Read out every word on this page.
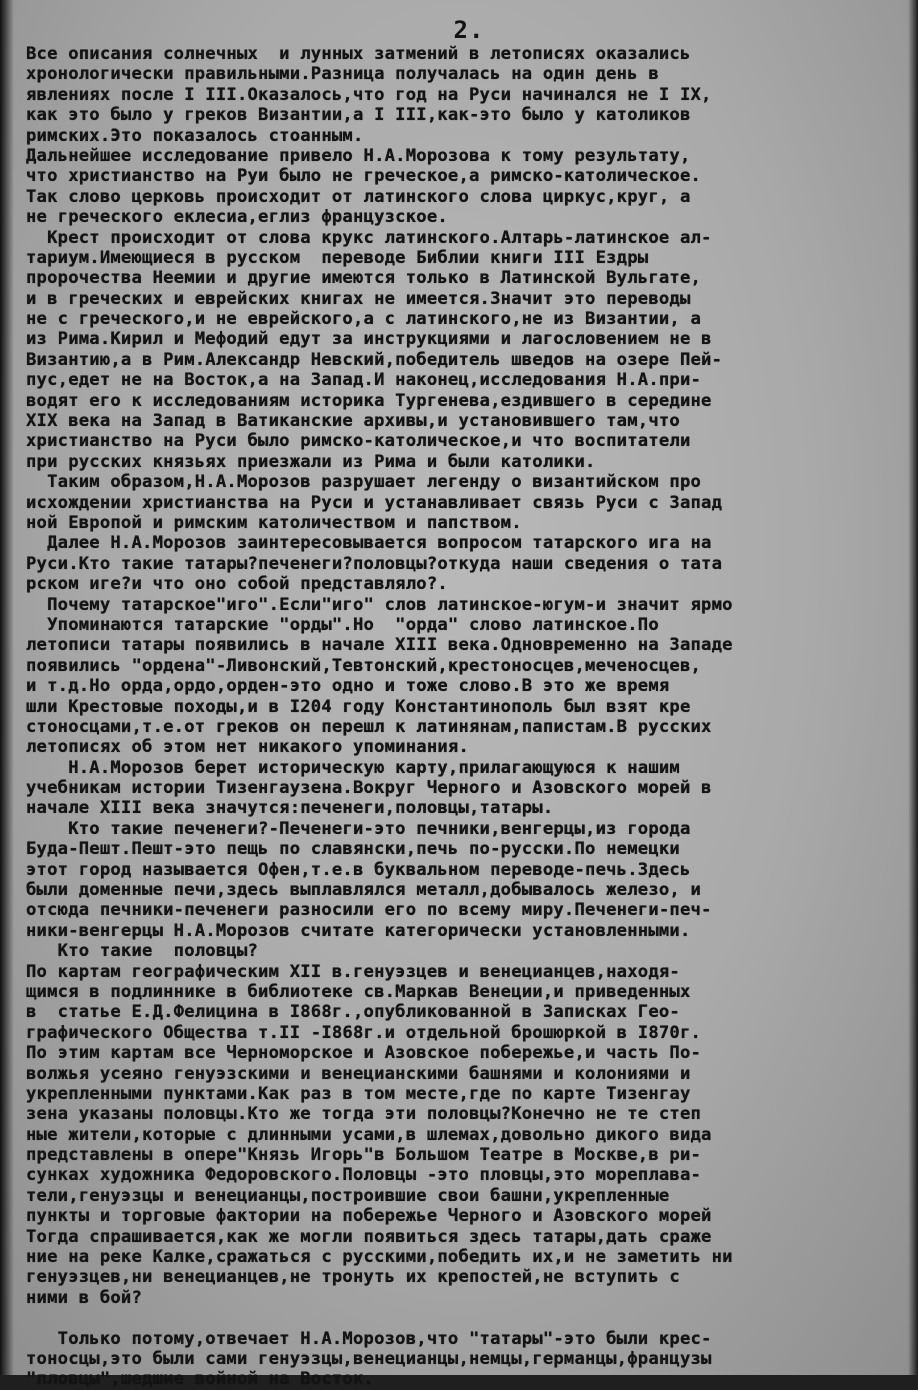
2.
Все описания солнечных  и лунных затмений в летописях оказались
хронологически правильными.Разница получалась на один день в
явлениях после I III.Оказалось,что год на Руси начинался не I IX,
как это было у греков Византии,а I III,как-это было у католиков
римских.Это показалось стоанным.
Дальнейшее исследование привело Н.А.Морозова к тому результату,
что христианство на Руи было не греческое,а римско-католическое.
Так слово церковь происходит от латинского слова циркус,круг, а
не греческого еклесиа,еглиз французское.
Крест происходит от слова крукс латинского.Алтарь-латинское ал-
тариум.Имеющиеся в русском  переводе Библии книги III Ездры
пророчества Неемии и другие имеются только в Латинской Вульгате,
и в греческих и еврейских книгах не имеется.Значит это переводы
не с греческого,и не еврейского,а с латинского,не из Византии, а
из Рима.Кирил и Мефодий едут за инструкциями и лагословением не в
Византию,а в Рим.Александр Невский,победитель шведов на озере Пей-
пус,едет не на Восток,а на Запад.И наконец,исследования Н.А.при-
водят его к исследованиям историка Тургенева,ездившего в середине
XIX века на Запад в Ватиканские архивы,и установившего там,что
христианство на Руси было римско-католическое,и что воспитатели
при русских князьях приезжали из Рима и были католики.
Таким образом,Н.А.Морозов разрушает легенду о византийском про
исхождении христианства на Руси и устанавливает связь Руси с Запад
ной Европой и римским католичеством и папством.
Далее Н.А.Морозов заинтересовывается вопросом татарского ига на
Руси.Кто такие татары?печенеги?половцы?откуда наши сведения о тата
рском иге?и что оно собой представляло?.
Почему татарское"иго".Если"иго" слов латинское-югум-и значит ярмо
Упоминаются татарские "орды".Но  "орда" слово латинское.По
летописи татары появились в начале XIII века.Одновременно на Западе
появились "ордена"-Ливонский,Тевтонский,крестоносцев,меченосцев,
и т.д.Но орда,ордо,орден-это одно и тоже слово.В это же время
шли Крестовые походы,и в I204 году Константинополь был взят кре
стоносцами,т.е.от греков он перешл к латинянам,папистам.В русских
летописях об этом нет никакого упоминания.
Н.А.Морозов берет историческую карту,прилагающуюся к нашим
учебникам истории Тизенгаузена.Вокруг Черного и Азовского морей в
начале XIII века значутся:печенеги,половцы,татары.
Кто такие печенеги?-Печенеги-это печники,венгерцы,из города
Буда-Пешт.Пешт-это пещь по славянски,печь по-русски.По немецки
этот город называется Офен,т.е.в буквальном переводе-печь.Здесь
были доменные печи,здесь выплавлялся металл,добывалось железо, и
отсюда печники-печенеги разносили его по всему миру.Печенеги-печ-
ники-венгерцы Н.А.Морозов считате категорически установленными.
Кто такие  половцы?
По картам географическим XII в.генуэзцев и венецианцев,находя-
щимся в подлиннике в библиотеке св.Маркав Венеции,и приведенных
в  статье Е.Д.Фелицина в I868г.,опубликованной в Записках Гео-
графического Общества т.II -I868г.и отдельной брошюркой в I870г.
По этим картам все Черноморское и Азовское побережье,и часть По-
волжья усеяно генуэзскими и венецианскими башнями и колониями и
укрепленными пунктами.Как раз в том месте,где по карте Тизенгау
зена указаны половцы.Кто же тогда эти половцы?Конечно не те степ
ные жители,которые с длинными усами,в шлемах,довольно дикого вида
представлены в опере"Князь Игорь"в Большом Театре в Москве,в ри-
сунках художника Федоровского.Половцы -это пловцы,это мореплава-
тели,генуэзцы и венецианцы,построившие свои башни,укрепленные
пункты и торговые фактории на побережье Черного и Азовского морей
Тогда спрашивается,как же могли появиться здесь татары,дать сраже
ние на реке Калке,сражаться с русскими,победить их,и не заметить ни
генуэзцев,ни венецианцев,не тронуть их крепостей,не вступить с
ними в бой?
Только потому,отвечает Н.А.Морозов,что "татары"-это были крес-
тоносцы,это были сами генуэзцы,венецианцы,немцы,германцы,французы
"пловцы",шедшие войной на Восток.
